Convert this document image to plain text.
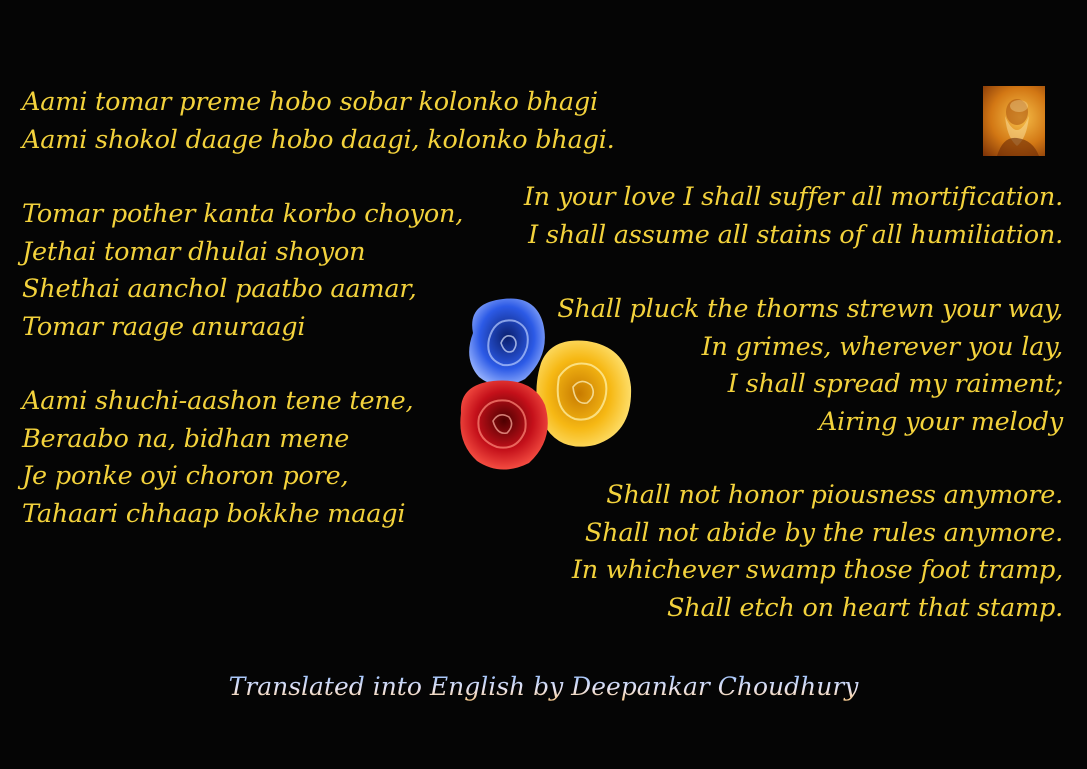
Aami tomar preme hobo sobar kolonko bhagi
Aami shokol daage hobo daagi, kolonko bhagi.
Tomar pother kanta korbo choyon,
Jethai tomar dhulai shoyon
Shethai aanchol paatbo aamar,
Tomar raage anuraagi
Aami shuchi-aashon tene tene,
Beraabo na, bidhan mene
Je ponke oyi choron pore,
Tahaari chhaap bokkhe maagi
In your love I shall suffer all mortification.
I shall assume all stains of all humiliation.
Shall pluck the thorns strewn your way,
In grimes, wherever you lay,
I shall spread my raiment;
Airing your melody
Shall not honor piousness anymore.
Shall not abide by the rules anymore.
In whichever swamp those foot tramp,
Shall etch on heart that stamp.
Translated into English by Deepankar Choudhury
